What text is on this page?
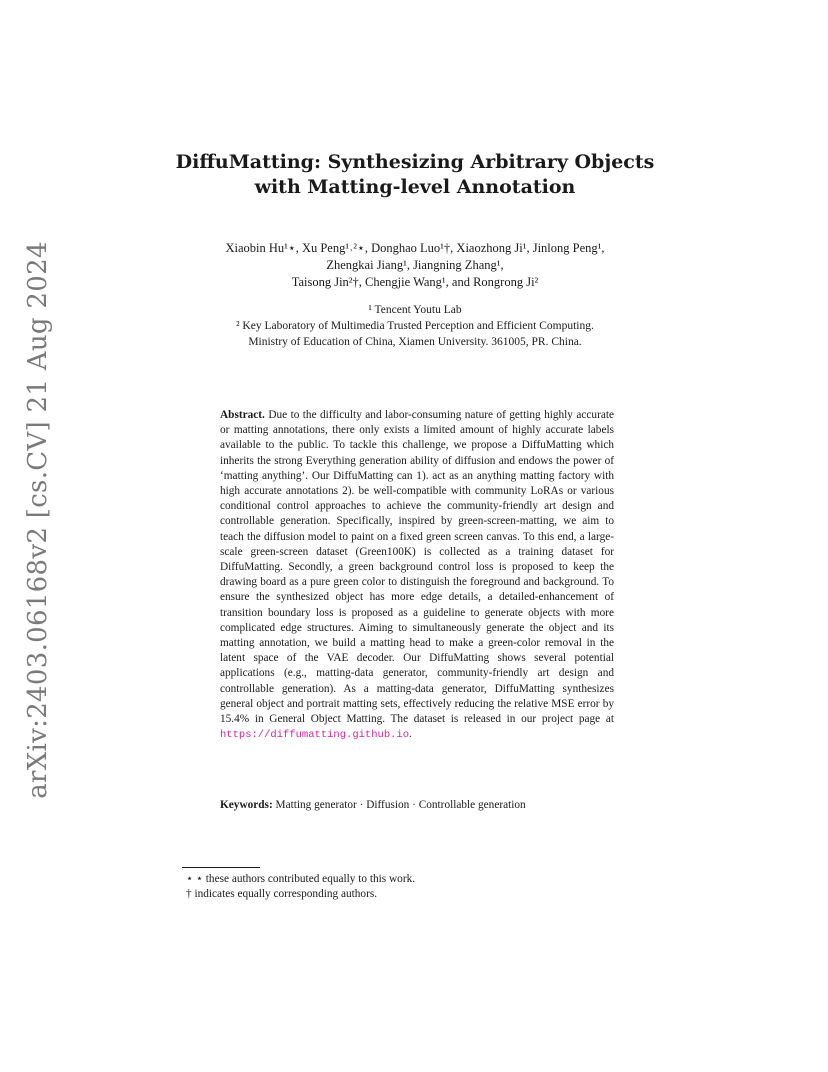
arXiv:2403.06168v2 [cs.CV] 21 Aug 2024
DiffuMatting: Synthesizing Arbitrary Objects
with Matting-level Annotation
Xiaobin Hu¹⋆, Xu Peng¹˒²⋆, Donghao Luo¹†, Xiaozhong Ji¹, Jinlong Peng¹,
Zhengkai Jiang¹, Jiangning Zhang¹,
Taisong Jin²†, Chengjie Wang¹, and Rongrong Ji²
¹ Tencent Youtu Lab
² Key Laboratory of Multimedia Trusted Perception and Efficient Computing.
Ministry of Education of China, Xiamen University. 361005, PR. China.
Abstract. Due to the difficulty and labor-consuming nature of getting highly accurate or matting annotations, there only exists a limited amount of highly accurate labels available to the public. To tackle this challenge, we propose a DiffuMatting which inherits the strong Everything generation ability of diffusion and endows the power of ‘matting anything’. Our DiffuMatting can 1). act as an anything matting factory with high accurate annotations 2). be well-compatible with community LoRAs or various conditional control approaches to achieve the community-friendly art design and controllable generation. Specifically, inspired by green-screen-matting, we aim to teach the diffusion model to paint on a fixed green screen canvas. To this end, a large-scale green-screen dataset (Green100K) is collected as a training dataset for DiffuMatting. Secondly, a green background control loss is proposed to keep the drawing board as a pure green color to distinguish the foreground and background. To ensure the synthesized object has more edge details, a detailed-enhancement of transition boundary loss is proposed as a guideline to generate objects with more complicated edge structures. Aiming to simultaneously generate the object and its matting annotation, we build a matting head to make a green-color removal in the latent space of the VAE decoder. Our DiffuMatting shows several potential applications (e.g., matting-data generator, community-friendly art design and controllable generation). As a matting-data generator, DiffuMatting synthesizes general object and portrait matting sets, effectively reducing the relative MSE error by 15.4% in General Object Matting. The dataset is released in our project page at https://diffumatting.github.io.
Keywords: Matting generator · Diffusion · Controllable generation
⋆ ⋆ these authors contributed equally to this work.
† indicates equally corresponding authors.
